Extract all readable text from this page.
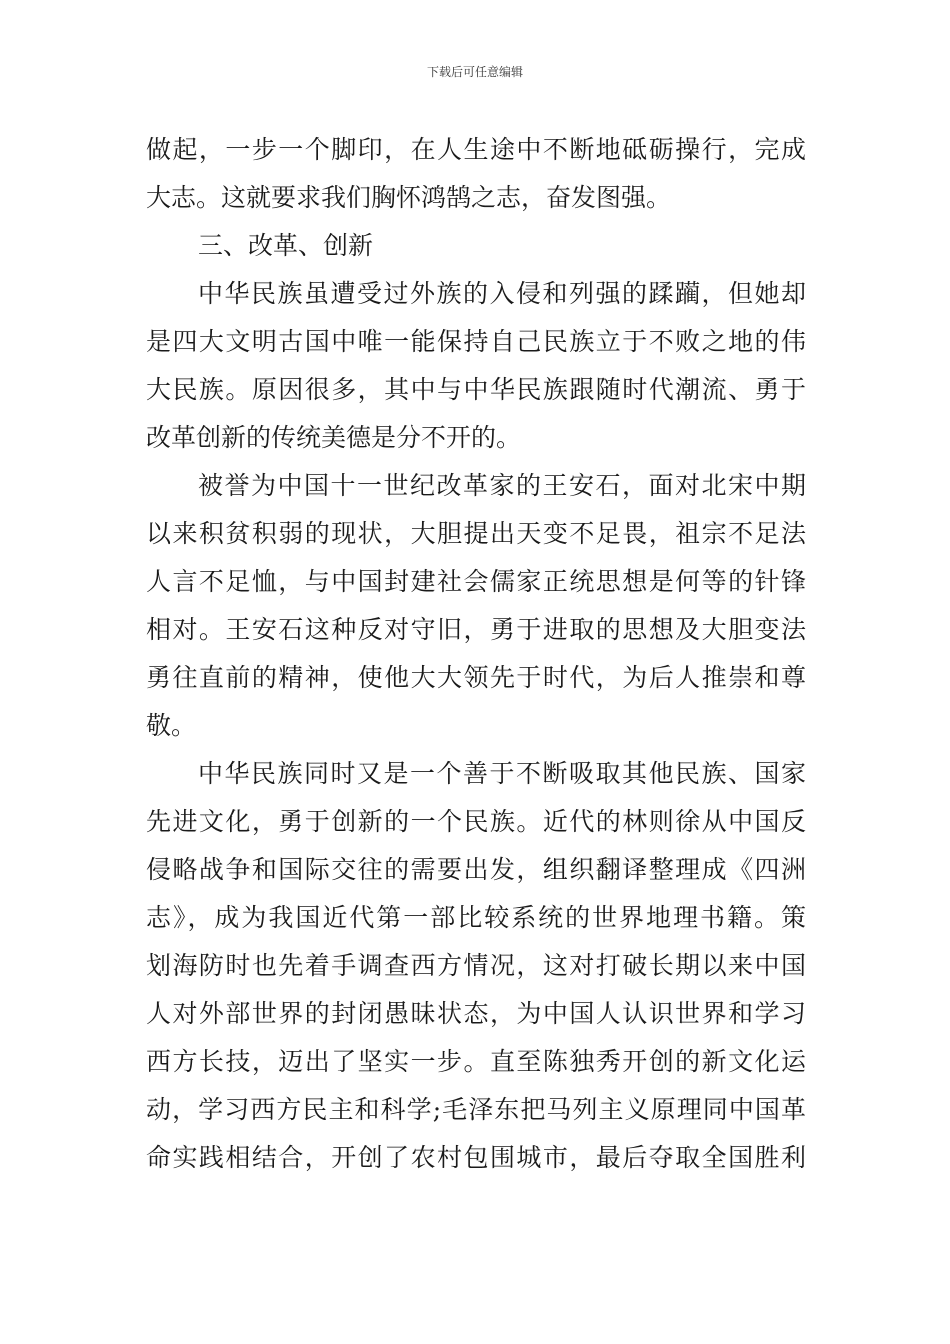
下载后可任意编辑
做起，一步一个脚印，在人生途中不断地砥砺操行，完成
大志。这就要求我们胸怀鸿鹄之志，奋发图强。
三、改革、创新
中华民族虽遭受过外族的入侵和列强的蹂躏，但她却
是四大文明古国中唯一能保持自己民族立于不败之地的伟
大民族。原因很多，其中与中华民族跟随时代潮流、勇于
改革创新的传统美德是分不开的。
被誉为中国十一世纪改革家的王安石，面对北宋中期
以来积贫积弱的现状，大胆提出天变不足畏，祖宗不足法
人言不足恤，与中国封建社会儒家正统思想是何等的针锋
相对。王安石这种反对守旧，勇于进取的思想及大胆变法
勇往直前的精神，使他大大领先于时代，为后人推崇和尊
敬。
中华民族同时又是一个善于不断吸取其他民族、国家
先进文化，勇于创新的一个民族。近代的林则徐从中国反
侵略战争和国际交往的需要出发，组织翻译整理成《四洲
志》，成为我国近代第一部比较系统的世界地理书籍。策
划海防时也先着手调查西方情况，这对打破长期以来中国
人对外部世界的封闭愚昧状态，为中国人认识世界和学习
西方长技，迈出了坚实一步。直至陈独秀开创的新文化运
动，学习西方民主和科学;毛泽东把马列主义原理同中国革
命实践相结合，开创了农村包围城市，最后夺取全国胜利
